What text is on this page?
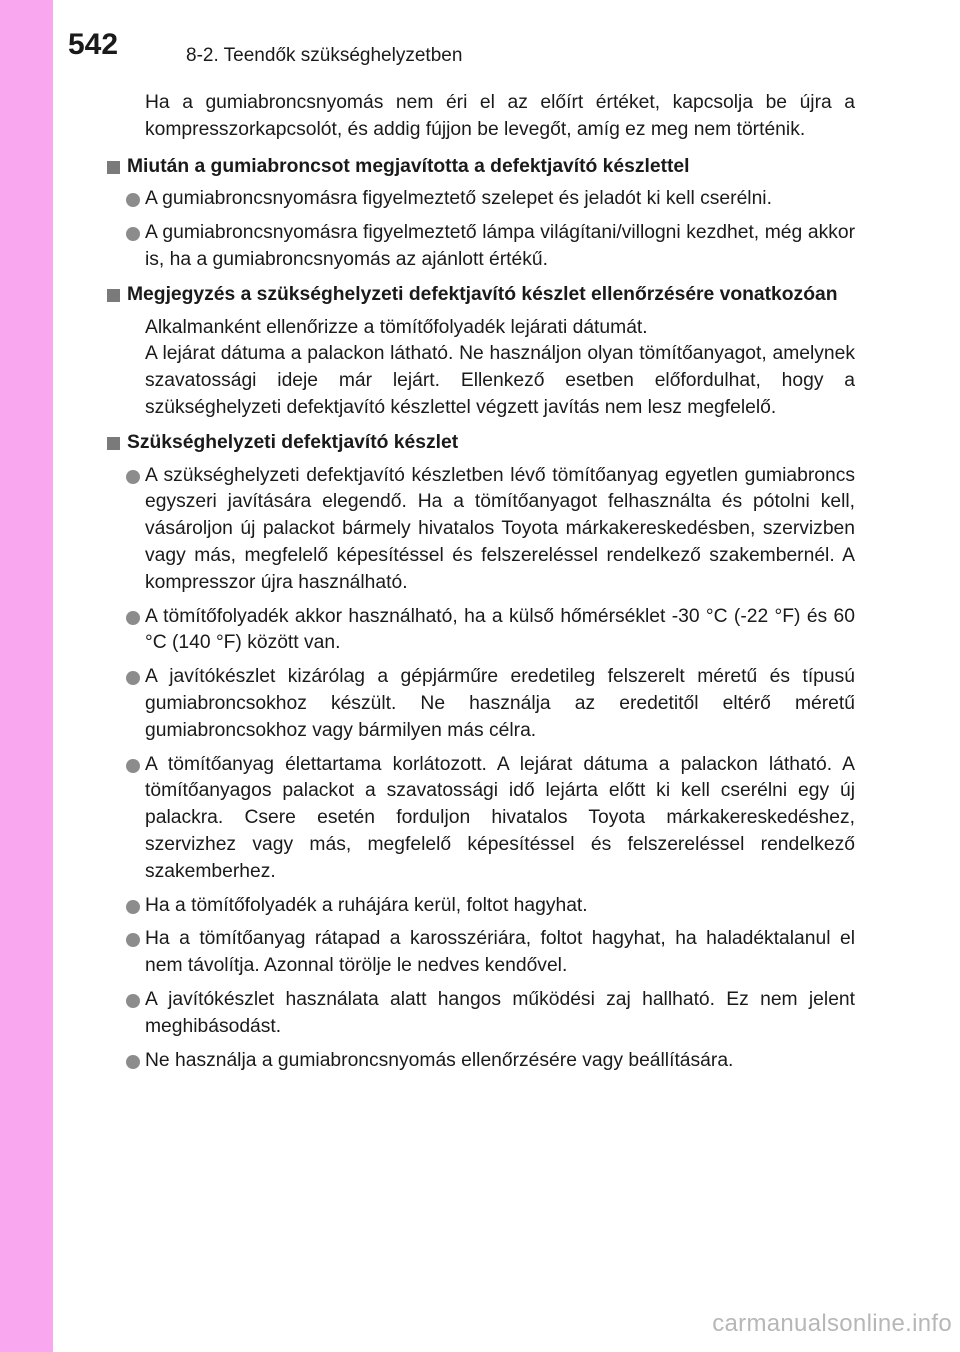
542	8-2. Teendők szükséghelyzetben
Ha a gumiabroncsnyomás nem éri el az előírt értéket, kapcsolja be újra a kompresszorkapcsolót, és addig fújjon be levegőt, amíg ez meg nem történik.
Miután a gumiabroncsot megjavította a defektjavító készlettel
A gumiabroncsnyomásra figyelmeztető szelepet és jeladót ki kell cserélni.
A gumiabroncsnyomásra figyelmeztető lámpa világítani/villogni kezdhet, még akkor is, ha a gumiabroncsnyomás az ajánlott értékű.
Megjegyzés a szükséghelyzeti defektjavító készlet ellenőrzésére vonatkozóan
Alkalmanként ellenőrizze a tömítőfolyadék lejárati dátumát.
A lejárat dátuma a palackon látható. Ne használjon olyan tömítőanyagot, amelynek szavatossági ideje már lejárt. Ellenkező esetben előfordulhat, hogy a szükséghelyzeti defektjavító készlettel végzett javítás nem lesz megfelelő.
Szükséghelyzeti defektjavító készlet
A szükséghelyzeti defektjavító készletben lévő tömítőanyag egyetlen gumiabroncs egyszeri javítására elegendő. Ha a tömítőanyagot felhasználta és pótolni kell, vásároljon új palackot bármely hivatalos Toyota márkakereskedésben, szervizben vagy más, megfelelő képesítéssel és felszereléssel rendelkező szakembernél. A kompresszor újra használható.
A tömítőfolyadék akkor használható, ha a külső hőmérséklet -30 °C (-22 °F) és 60 °C (140 °F) között van.
A javítókészlet kizárólag a gépjárműre eredetileg felszerelt méretű és típusú gumiabroncsokhoz készült. Ne használja az eredetitől eltérő méretű gumiabroncsokhoz vagy bármilyen más célra.
A tömítőanyag élettartama korlátozott. A lejárat dátuma a palackon látható. A tömítőanyagos palackot a szavatossági idő lejárta előtt ki kell cserélni egy új palackra. Csere esetén forduljon hivatalos Toyota márkakereskedéshez, szervizhez vagy más, megfelelő képesítéssel és felszereléssel rendelkező szakemberhez.
Ha a tömítőfolyadék a ruhájára kerül, foltot hagyhat.
Ha a tömítőanyag rátapad a karosszériára, foltot hagyhat, ha haladéktalanul el nem távolítja. Azonnal törölje le nedves kendővel.
A javítókészlet használata alatt hangos működési zaj hallható. Ez nem jelent meghibásodást.
Ne használja a gumiabroncsnyomás ellenőrzésére vagy beállítására.
carmanualsonline.info
